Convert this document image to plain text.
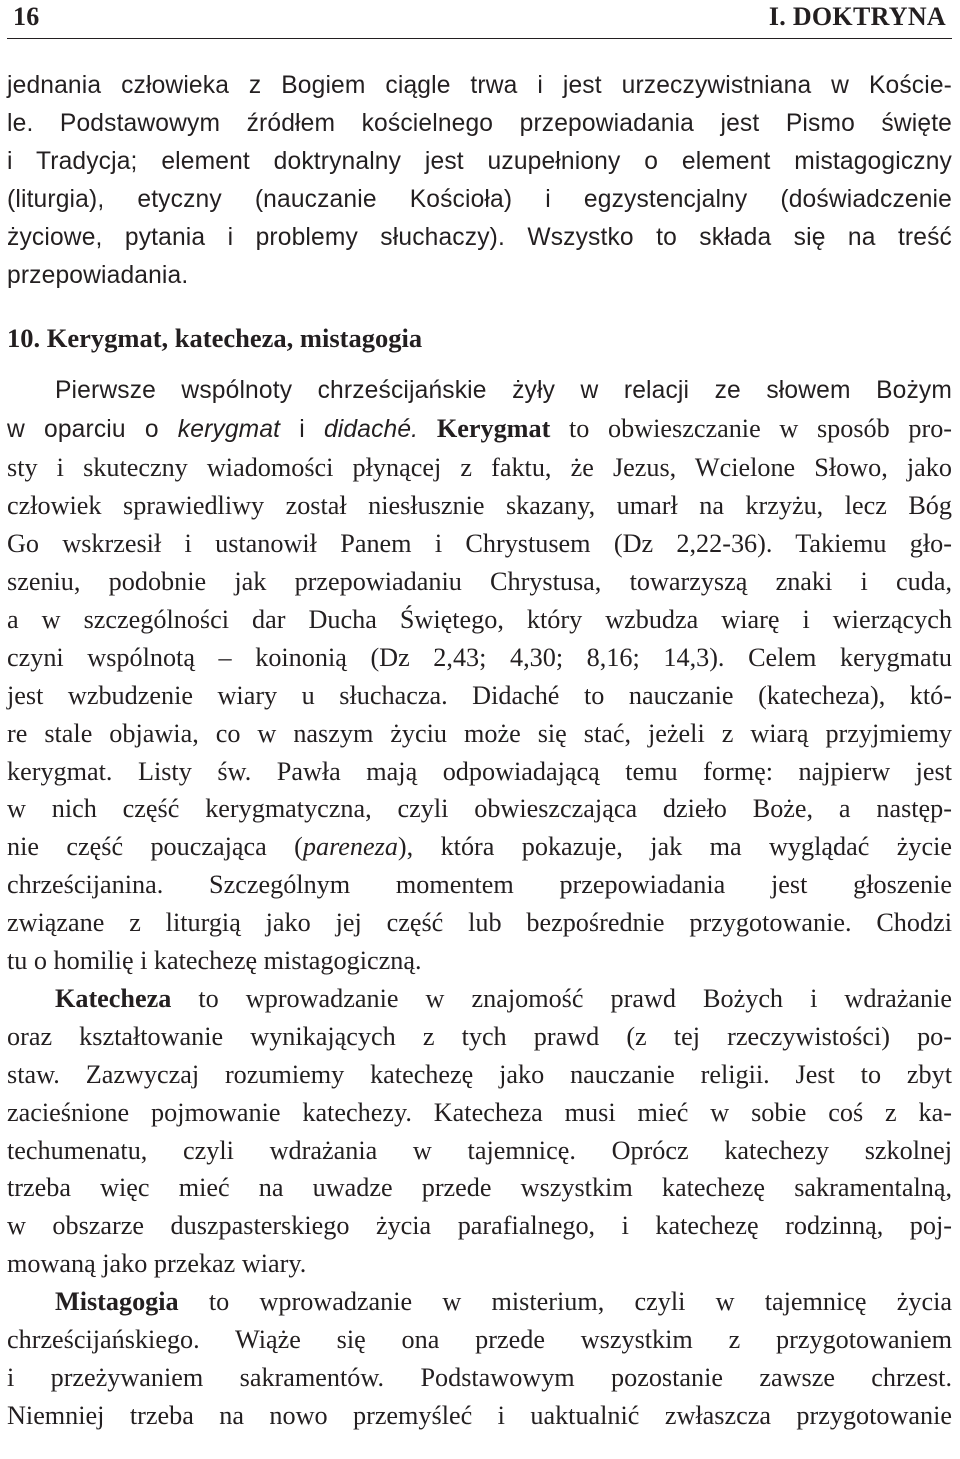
16	I. DOKTRYNA

jednania człowieka z Bogiem ciągle trwa i jest urzeczywistniana w Koście-
le. Podstawowym źródłem kościelnego przepowiadania jest Pismo święte
i Tradycja; element doktrynalny jest uzupełniony o element mistagogiczny
(liturgia), etyczny (nauczanie Kościoła) i egzystencjalny (doświadczenie
życiowe, pytania i problemy słuchaczy). Wszystko to składa się na treść
przepowiadania.

10. Kerygmat, katecheza, mistagogia

Pierwsze wspólnoty chrześcijańskie żyły w relacji ze słowem Bożym

w oparciu o kerygmat i didaché. Kerygmat to obwieszczanie w sposób pro-
sty i skuteczny wiadomości płynącej z faktu, że Jezus, Wcielone Słowo, jako
człowiek sprawiedliwy został niesłusznie skazany, umarł na krzyżu, lecz Bóg
Go wskrzesił i ustanowił Panem i Chrystusem (Dz 2,22-36). Takiemu gło-
szeniu, podobnie jak przepowiadaniu Chrystusa, towarzyszą znaki i cuda,
a w szczególności dar Ducha Świętego, który wzbudza wiarę i wierzących
czyni wspólnotą – koinonią (Dz 2,43; 4,30; 8,16; 14,3). Celem kerygmatu
jest wzbudzenie wiary u słuchacza. Didaché to nauczanie (katecheza), któ-
re stale objawia, co w naszym życiu może się stać, jeżeli z wiarą przyjmiemy
kerygmat. Listy św. Pawła mają odpowiadającą temu formę: najpierw jest
w nich część kerygmatyczna, czyli obwieszczająca dzieło Boże, a następ-
nie część pouczająca (pareneza), która pokazuje, jak ma wyglądać życie
chrześcijanina. Szczególnym momentem przepowiadania jest głoszenie
związane z liturgią jako jej część lub bezpośrednie przygotowanie. Chodzi
tu o homilię i katechezę mistagogiczną.

Katecheza to wprowadzanie w znajomość prawd Bożych i wdrażanie
oraz kształtowanie wynikających z tych prawd (z tej rzeczywistości) po-
staw. Zazwyczaj rozumiemy katechezę jako nauczanie religii. Jest to zbyt
zacieśnione pojmowanie katechezy. Katecheza musi mieć w sobie coś z ka-
techumenatu, czyli wdrażania w tajemnicę. Oprócz katechezy szkolnej
trzeba więc mieć na uwadze przede wszystkim katechezę sakramentalną,
w obszarze duszpasterskiego życia parafialnego, i katechezę rodzinną, poj-
mowaną jako przekaz wiary.

Mistagogia to wprowadzanie w misterium, czyli w tajemnicę życia
chrześcijańskiego. Wiąże się ona przede wszystkim z przygotowaniem
i przeżywaniem sakramentów. Podstawowym pozostanie zawsze chrzest.
Niemniej trzeba na nowo przemyśleć i uaktualnić zwłaszcza przygotowanie
